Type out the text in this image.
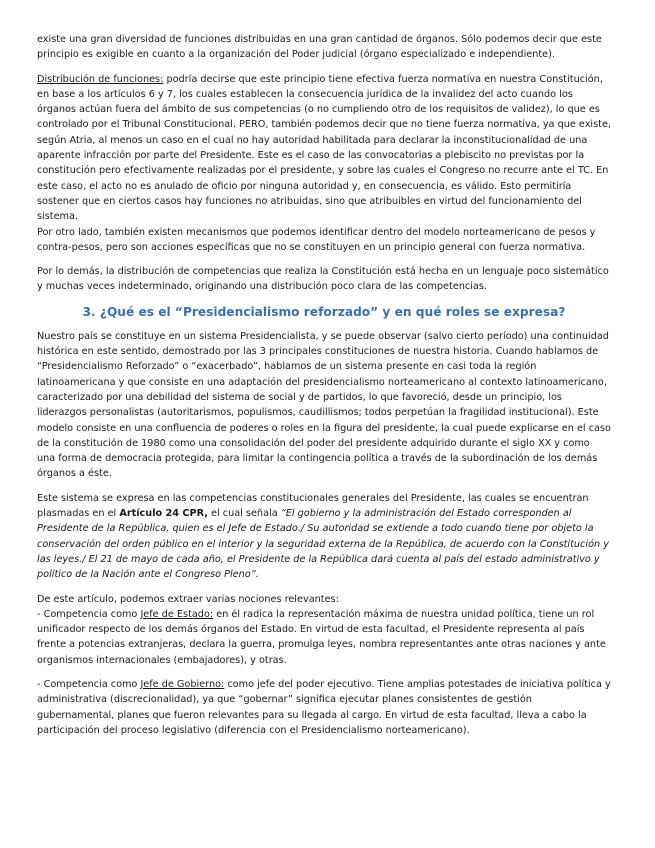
existe una gran diversidad de funciones distribuidas en una gran cantidad de órganos. Sólo podemos decir que este principio es exigible en cuanto a la organización del Poder judicial (órgano especializado e independiente).

Distribución de funciones: podría decirse que este principio tiene efectiva fuerza normativa en nuestra Constitución, en base a los artículos 6 y 7, los cuales establecen la consecuencia jurídica de la invalidez del acto cuando los órganos actúan fuera del ámbito de sus competencias (o no cumpliendo otro de los requisitos de validez), lo que es controlado por el Tribunal Constitucional. PERO, también podemos decir que no tiene fuerza normativa, ya que existe, según Atria, al menos un caso en el cual no hay autoridad habilitada para declarar la inconstitucionalidad de una aparente infracción por parte del Presidente. Este es el caso de las convocatorias a plebiscito no previstas por la constitución pero efectivamente realizadas por el presidente, y sobre las cuales el Congreso no recurre ante el TC. En este caso, el acto no es anulado de oficio por ninguna autoridad y, en consecuencia, es válido. Esto permitiría sostener que en ciertos casos hay funciones no atribuidas, sino que atribuibles en virtud del funcionamiento del sistema.

Por otro lado, también existen mecanismos que podemos identificar dentro del modelo norteamericano de pesos y contra-pesos, pero son acciones específicas que no se constituyen en un principio general con fuerza normativa.

Por lo demás, la distribución de competencias que realiza la Constitución está hecha en un lenguaje poco sistemático y muchas veces indeterminado, originando una distribución poco clara de las competencias.

3. ¿Qué es el “Presidencialismo reforzado” y en qué roles se expresa?

Nuestro país se constituye en un sistema Presidencialista, y se puede observar (salvo cierto período) una continuidad histórica en este sentido, demostrado por las 3 principales constituciones de nuestra historia. Cuando hablamos de “Presidencialismo Reforzado” o “exacerbado”, hablamos de un sistema presente en casi toda la región latinoamericana y que consiste en una adaptación del presidencialismo norteamericano al contexto latinoamericano, caracterizado por una debilidad del sistema de social y de partidos, lo que favoreció, desde un principio, los liderazgos personalistas (autoritarismos, populismos, caudillismos; todos perpetúan la fragilidad institucional). Este modelo consiste en una confluencia de poderes o roles en la figura del presidente, la cual puede explicarse en el caso de la constitución de 1980 como una consolidación del poder del presidente adquirido durante el siglo XX y como una forma de democracia protegida, para limitar la contingencia política a través de la subordinación de los demás órganos a éste.

Este sistema se expresa en las competencias constitucionales generales del Presidente, las cuales se encuentran plasmadas en el Artículo 24 CPR, el cual señala “El gobierno y la administración del Estado corresponden al Presidente de la República, quien es el Jefe de Estado./ Su autoridad se extiende a todo cuando tiene por objeto la conservación del orden público en el interior y la seguridad externa de la República, de acuerdo con la Constitución y las leyes./ El 21 de mayo de cada año, el Presidente de la República dará cuenta al país del estado administrativo y político de la Nación ante el Congreso Pleno”.

De este artículo, podemos extraer varias nociones relevantes:

- Competencia como Jefe de Estado: en él radica la representación máxima de nuestra unidad política, tiene un rol unificador respecto de los demás órganos del Estado. En virtud de esta facultad, el Presidente representa al país frente a potencias extranjeras, declara la guerra, promulga leyes, nombra representantes ante otras naciones y ante organismos internacionales (embajadores), y otras.

- Competencia como Jefe de Gobierno: como jefe del poder ejecutivo. Tiene amplias potestades de iniciativa política y administrativa (discrecionalidad), ya que “gobernar” significa ejecutar planes consistentes de gestión gubernamental, planes que fueron relevantes para su llegada al cargo. En virtud de esta facultad, lleva a cabo la participación del proceso legislativo (diferencia con el Presidencialismo norteamericano).
